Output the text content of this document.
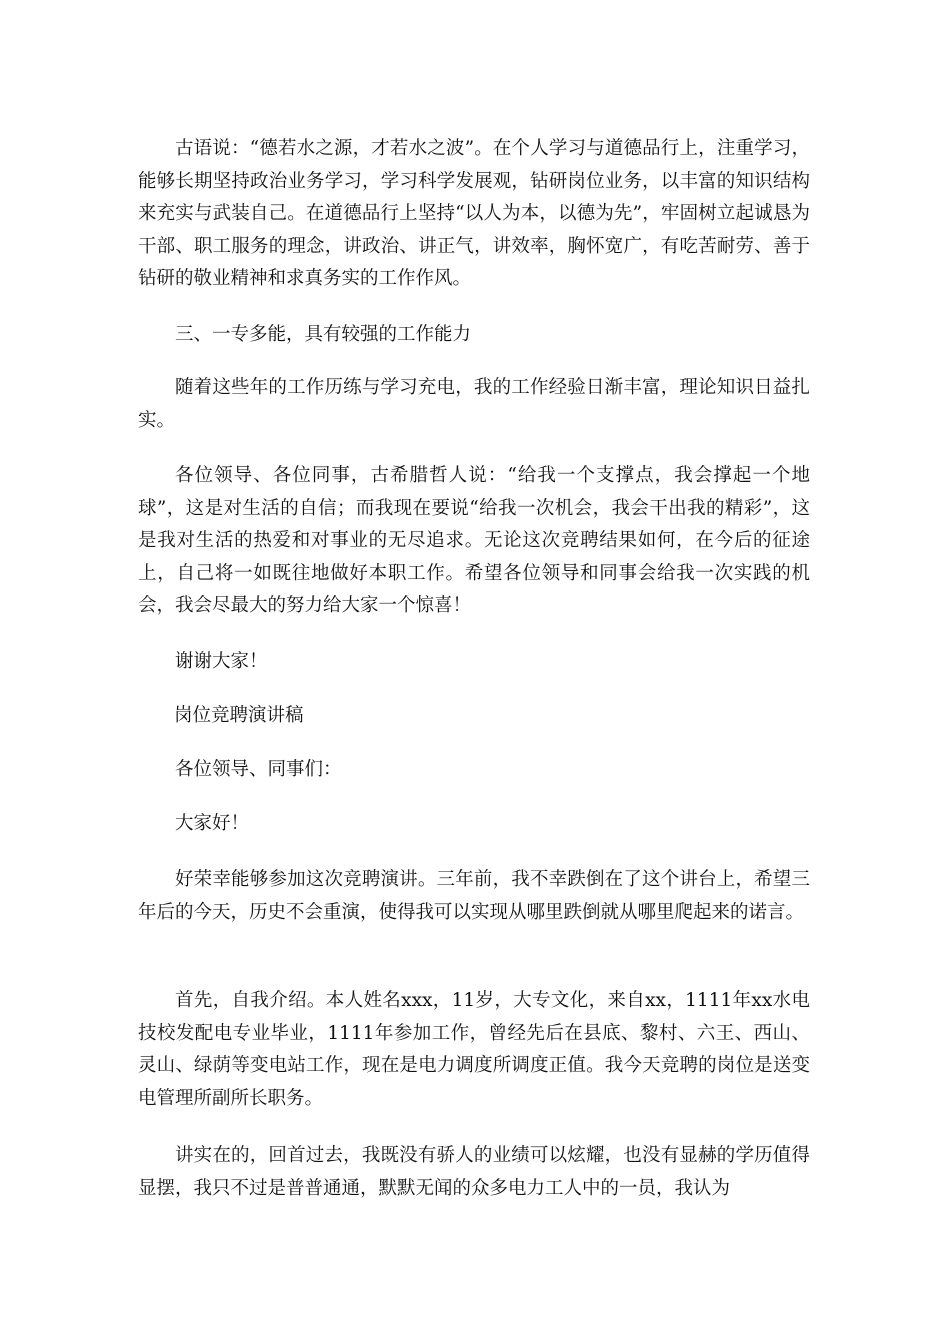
古语说：“德若水之源，才若水之波”。在个人学习与道德品行上，注重学习，能够长期坚持政治业务学习，学习科学发展观，钻研岗位业务，以丰富的知识结构来充实与武装自己。在道德品行上坚持“以人为本，以德为先”，牢固树立起诚恳为干部、职工服务的理念，讲政治、讲正气，讲效率，胸怀宽广，有吃苦耐劳、善于钻研的敬业精神和求真务实的工作作风。
三、一专多能，具有较强的工作能力
随着这些年的工作历练与学习充电，我的工作经验日渐丰富，理论知识日益扎实。
各位领导、各位同事，古希腊哲人说：“给我一个支撑点，我会撑起一个地球”，这是对生活的自信；而我现在要说“给我一次机会，我会干出我的精彩”，这是我对生活的热爱和对事业的无尽追求。无论这次竞聘结果如何，在今后的征途上，自己将一如既往地做好本职工作。希望各位领导和同事会给我一次实践的机会，我会尽最大的努力给大家一个惊喜！
谢谢大家！
岗位竞聘演讲稿
各位领导、同事们：
大家好！
好荣幸能够参加这次竞聘演讲。三年前，我不幸跌倒在了这个讲台上，希望三年后的今天，历史不会重演，使得我可以实现从哪里跌倒就从哪里爬起来的诺言。
首先，自我介绍。本人姓名xxx，11岁，大专文化，来自xx，1111年xx水电技校发配电专业毕业，1111年参加工作，曾经先后在县底、黎村、六王、西山、灵山、绿荫等变电站工作，现在是电力调度所调度正值。我今天竞聘的岗位是送变电管理所副所长职务。
讲实在的，回首过去，我既没有骄人的业绩可以炫耀，也没有显赫的学历值得显摆，我只不过是普普通通，默默无闻的众多电力工人中的一员，我认为
